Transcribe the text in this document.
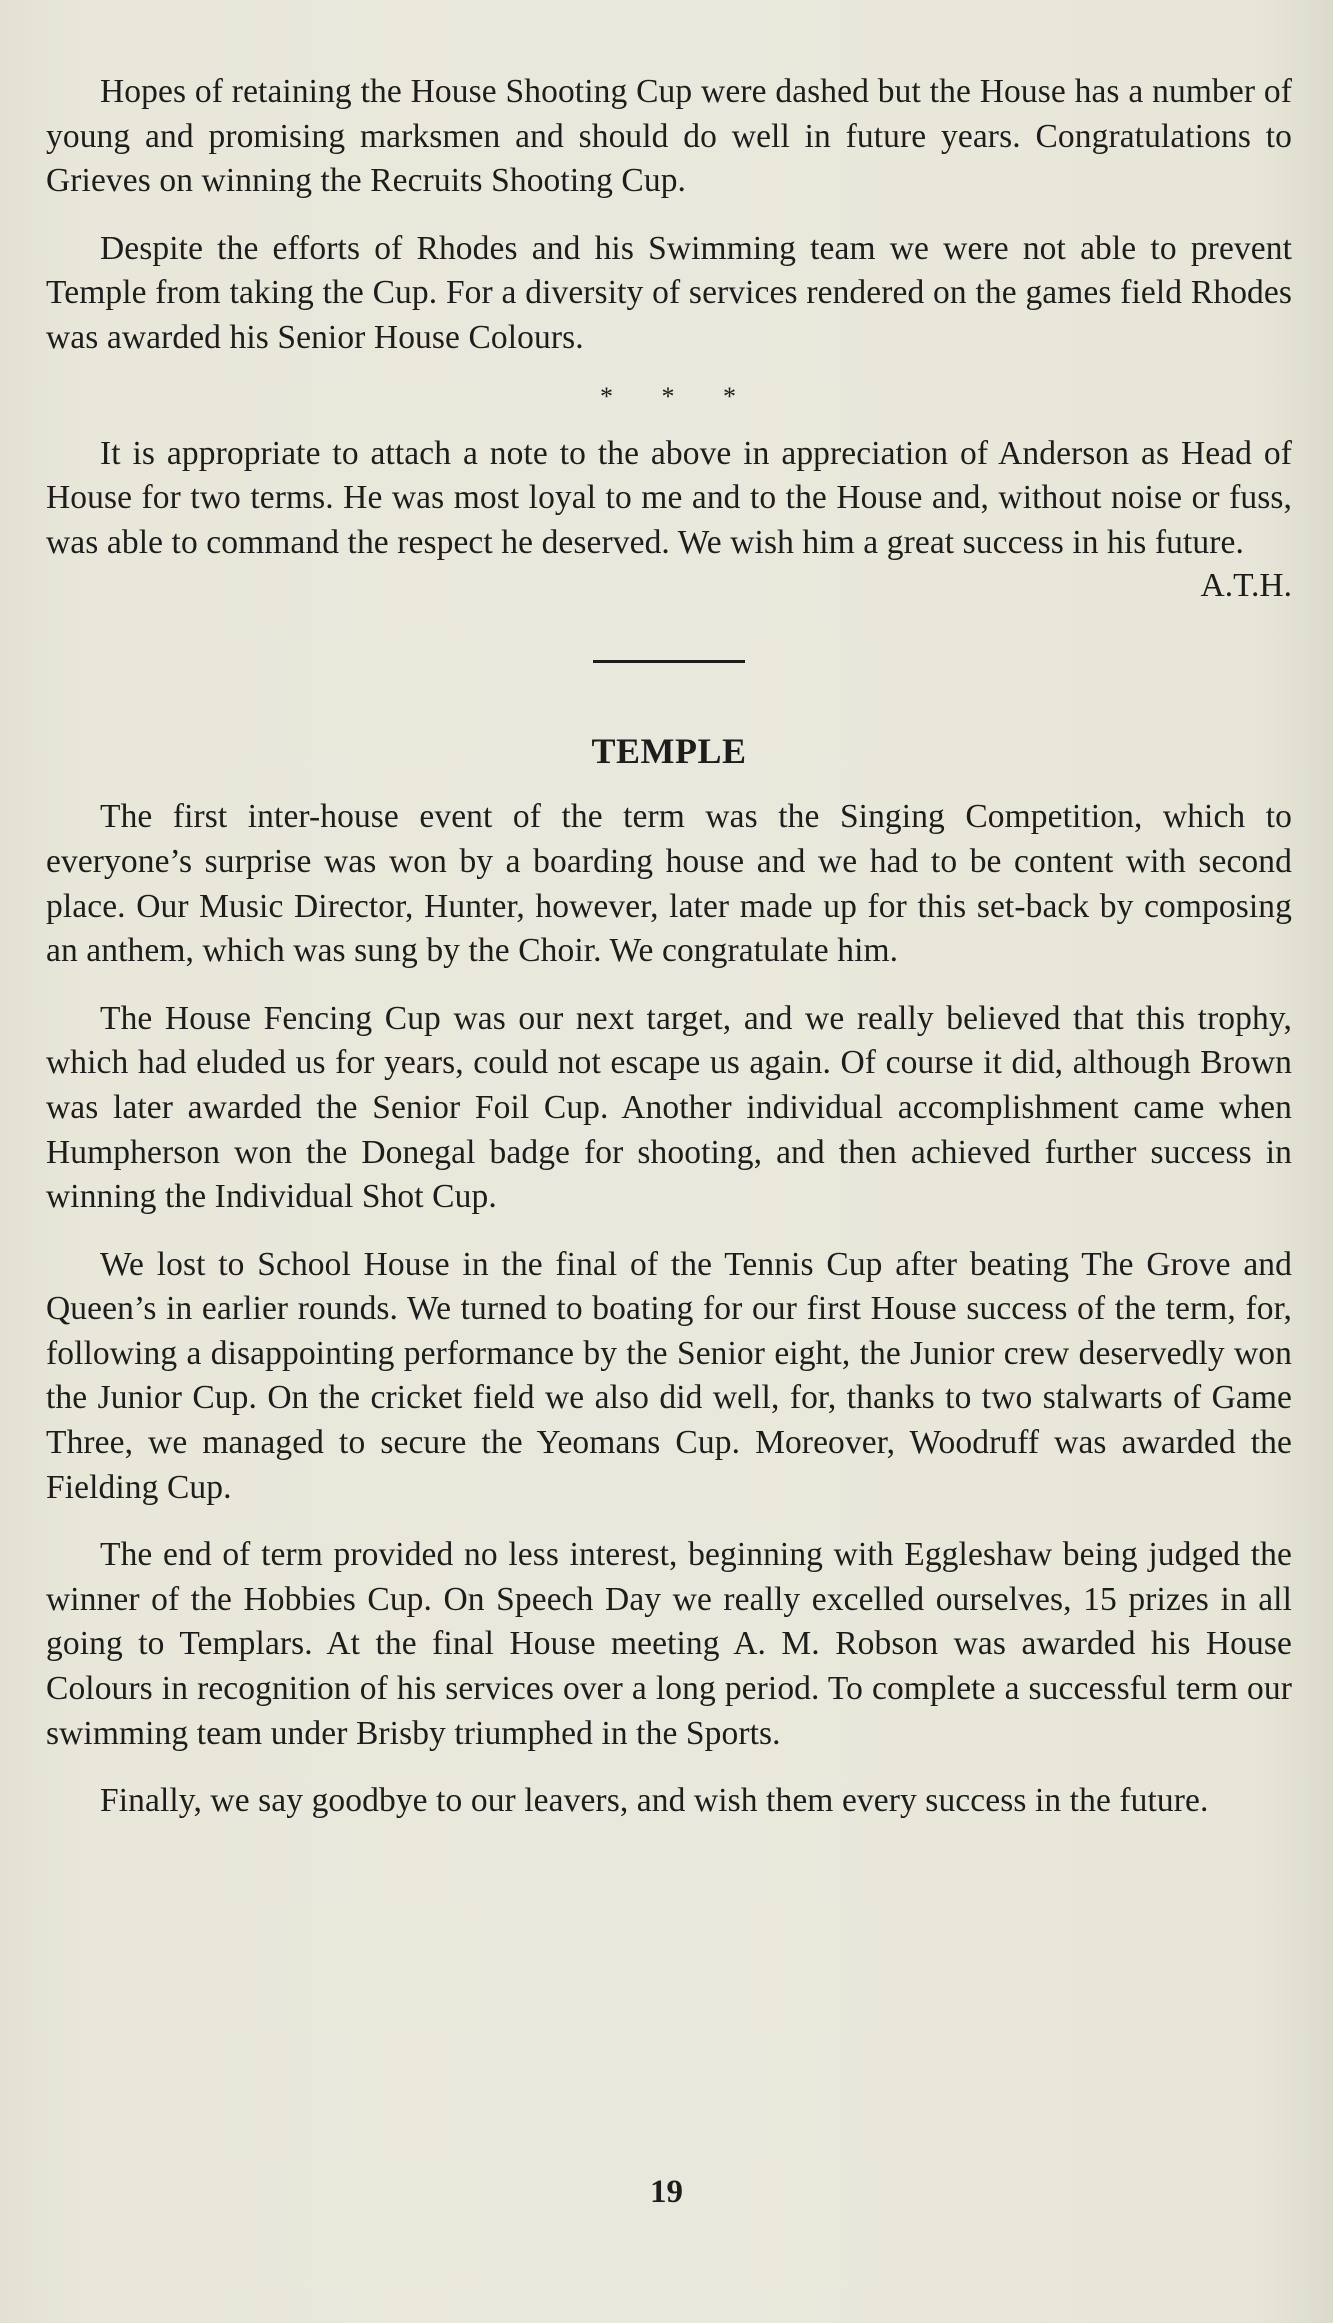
Hopes of retaining the House Shooting Cup were dashed but the House has a number of young and promising marksmen and should do well in future years. Congratulations to Grieves on winning the Recruits Shooting Cup.

Despite the efforts of Rhodes and his Swimming team we were not able to prevent Temple from taking the Cup. For a diversity of services rendered on the games field Rhodes was awarded his Senior House Colours.

* * *

It is appropriate to attach a note to the above in appreciation of Anderson as Head of House for two terms. He was most loyal to me and to the House and, without noise or fuss, was able to command the respect he deserved. We wish him a great success in his future.

A.T.H.
TEMPLE

The first inter-house event of the term was the Singing Competition, which to everyone’s surprise was won by a boarding house and we had to be content with second place. Our Music Director, Hunter, however, later made up for this set-back by composing an anthem, which was sung by the Choir. We congratulate him.

The House Fencing Cup was our next target, and we really believed that this trophy, which had eluded us for years, could not escape us again. Of course it did, although Brown was later awarded the Senior Foil Cup. Another individual accomplishment came when Humpherson won the Donegal badge for shooting, and then achieved further success in winning the Individual Shot Cup.

We lost to School House in the final of the Tennis Cup after beating The Grove and Queen’s in earlier rounds. We turned to boating for our first House success of the term, for, following a disappointing performance by the Senior eight, the Junior crew deservedly won the Junior Cup. On the cricket field we also did well, for, thanks to two stalwarts of Game Three, we managed to secure the Yeomans Cup. Moreover, Woodruff was awarded the Fielding Cup.

The end of term provided no less interest, beginning with Eggleshaw being judged the winner of the Hobbies Cup. On Speech Day we really excelled ourselves, 15 prizes in all going to Templars. At the final House meeting A. M. Robson was awarded his House Colours in recognition of his services over a long period. To complete a successful term our swimming team under Brisby triumphed in the Sports.

Finally, we say goodbye to our leavers, and wish them every success in the future.

19
